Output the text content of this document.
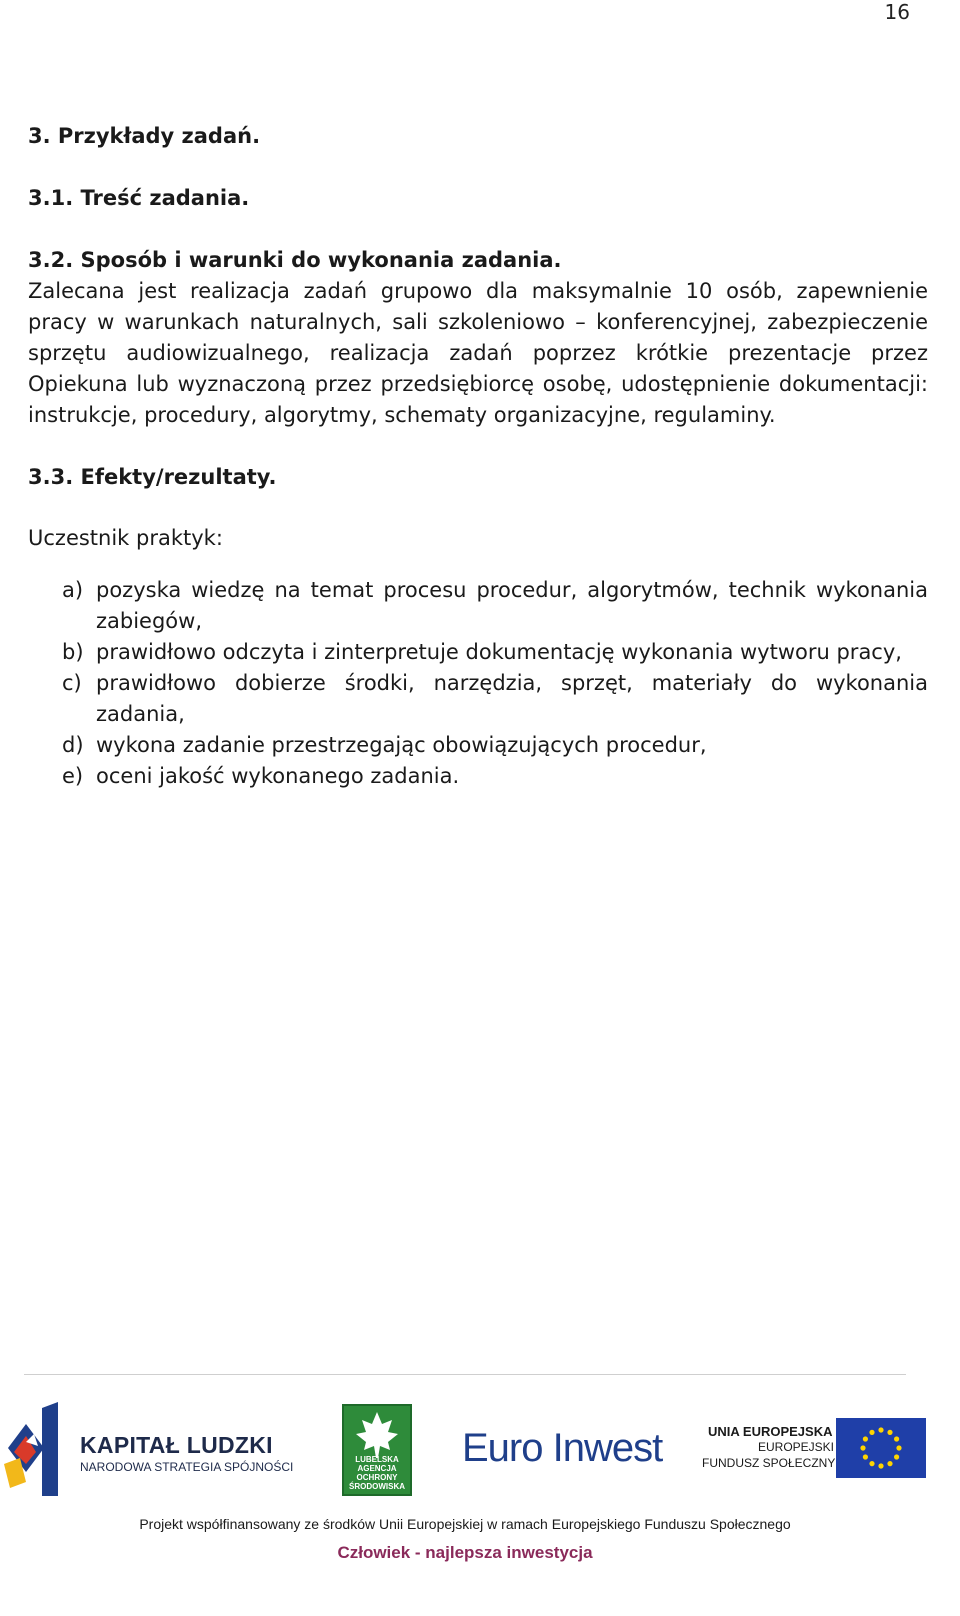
16

3. Przykłady zadań.

3.1. Treść zadania.

3.2. Sposób i warunki do wykonania zadania.

Zalecana jest realizacja zadań grupowo dla maksymalnie 10 osób, zapewnienie pracy w warunkach naturalnych, sali szkoleniowo – konferencyjnej, zabezpieczenie sprzętu audiowizualnego, realizacja zadań poprzez krótkie prezentacje przez Opiekuna lub wyznaczoną przez przedsiębiorcę osobę, udostępnienie dokumentacji: instrukcje, procedury, algorytmy, schematy organizacyjne, regulaminy.

3.3. Efekty/rezultaty.

Uczestnik praktyk:

a) pozyska wiedzę na temat procesu procedur, algorytmów, technik wykonania zabiegów,
b) prawidłowo odczyta i zinterpretuje dokumentację wykonania wytworu pracy,
c) prawidłowo dobierze środki, narzędzia, sprzęt, materiały do wykonania zadania,
d) wykona zadanie przestrzegając obowiązujących procedur,
e) oceni jakość wykonanego zadania.
KAPITAŁ LUDZKI
NARODOWA STRATEGIA SPÓJNOŚCI
LUBELSKA
AGENCJA
OCHRONY
ŚRODOWISKA
Euro Inwest	UNIA EUROPEJSKA
EUROPEJSKI
FUNDUSZ SPOŁECZNY
Projekt współfinansowany ze środków Unii Europejskiej w ramach Europejskiego Funduszu Społecznego
Człowiek - najlepsza inwestycja
